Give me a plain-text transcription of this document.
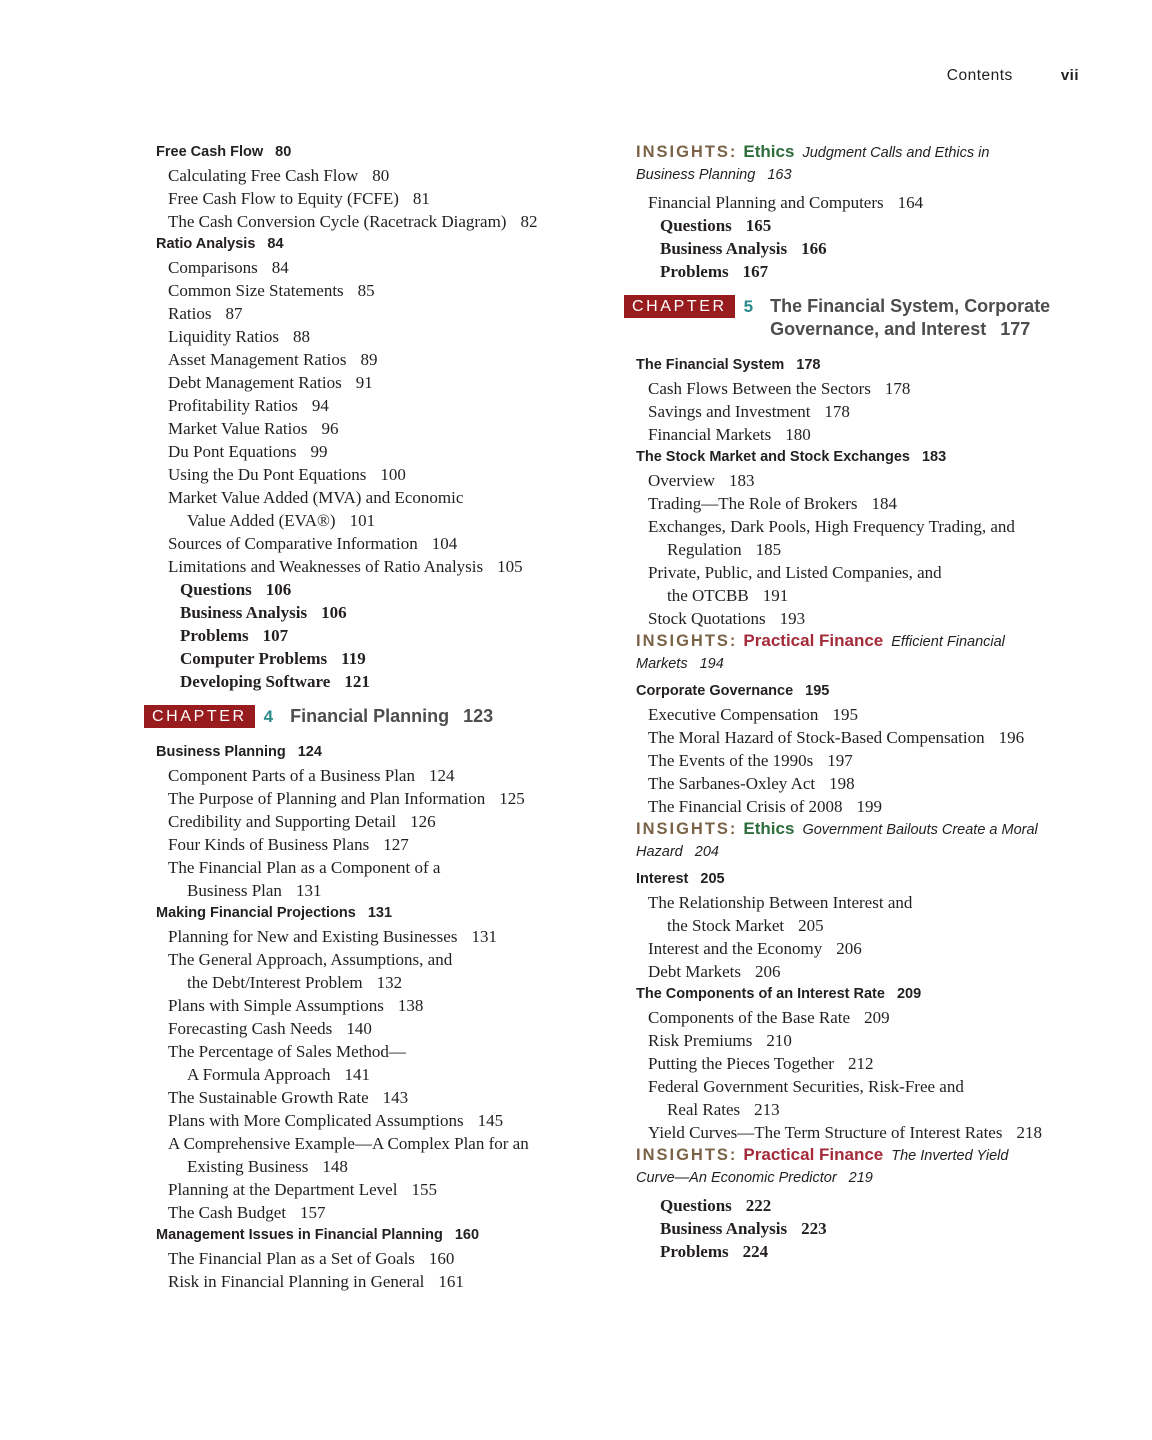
Contents	vii
Free Cash Flow 80
Calculating Free Cash Flow 80
Free Cash Flow to Equity (FCFE) 81
The Cash Conversion Cycle (Racetrack Diagram) 82
Ratio Analysis 84
Comparisons 84
Common Size Statements 85
Ratios 87
Liquidity Ratios 88
Asset Management Ratios 89
Debt Management Ratios 91
Profitability Ratios 94
Market Value Ratios 96
Du Pont Equations 99
Using the Du Pont Equations 100
Market Value Added (MVA) and Economic
Value Added (EVA®) 101
Sources of Comparative Information 104
Limitations and Weaknesses of Ratio Analysis 105
Questions 106
Business Analysis 106
Problems 107
Computer Problems 119
Developing Software 121
CHAPTER	4 Financial Planning 123
Business Planning 124
Component Parts of a Business Plan 124
The Purpose of Planning and Plan Information 125
Credibility and Supporting Detail 126
Four Kinds of Business Plans 127
The Financial Plan as a Component of a
Business Plan 131
Making Financial Projections 131
Planning for New and Existing Businesses 131
The General Approach, Assumptions, and
the Debt/Interest Problem 132
Plans with Simple Assumptions 138
Forecasting Cash Needs 140
The Percentage of Sales Method—
A Formula Approach 141
The Sustainable Growth Rate 143
Plans with More Complicated Assumptions 145
A Comprehensive Example—A Complex Plan for an
Existing Business 148
Planning at the Department Level 155
The Cash Budget 157
Management Issues in Financial Planning 160
The Financial Plan as a Set of Goals 160
Risk in Financial Planning in General 161
INSIGHTS: Ethics Judgment Calls and Ethics in
Business Planning 163
Financial Planning and Computers 164
Questions 165
Business Analysis 166
Problems 167
CHAPTER	5 The Financial System, Corporate
Governance, and Interest 177
The Financial System 178
Cash Flows Between the Sectors 178
Savings and Investment 178
Financial Markets 180
The Stock Market and Stock Exchanges 183
Overview 183
Trading—The Role of Brokers 184
Exchanges, Dark Pools, High Frequency Trading, and
Regulation 185
Private, Public, and Listed Companies, and
the OTCBB 191
Stock Quotations 193
INSIGHTS: Practical Finance Efficient Financial
Markets 194
Corporate Governance 195
Executive Compensation 195
The Moral Hazard of Stock-Based Compensation 196
The Events of the 1990s 197
The Sarbanes-Oxley Act 198
The Financial Crisis of 2008 199
INSIGHTS: Ethics Government Bailouts Create a Moral
Hazard 204
Interest 205
The Relationship Between Interest and
the Stock Market 205
Interest and the Economy 206
Debt Markets 206
The Components of an Interest Rate 209
Components of the Base Rate 209
Risk Premiums 210
Putting the Pieces Together 212
Federal Government Securities, Risk-Free and
Real Rates 213
Yield Curves—The Term Structure of Interest Rates 218
INSIGHTS: Practical Finance The Inverted Yield
Curve—An Economic Predictor 219
Questions 222
Business Analysis 223
Problems 224
